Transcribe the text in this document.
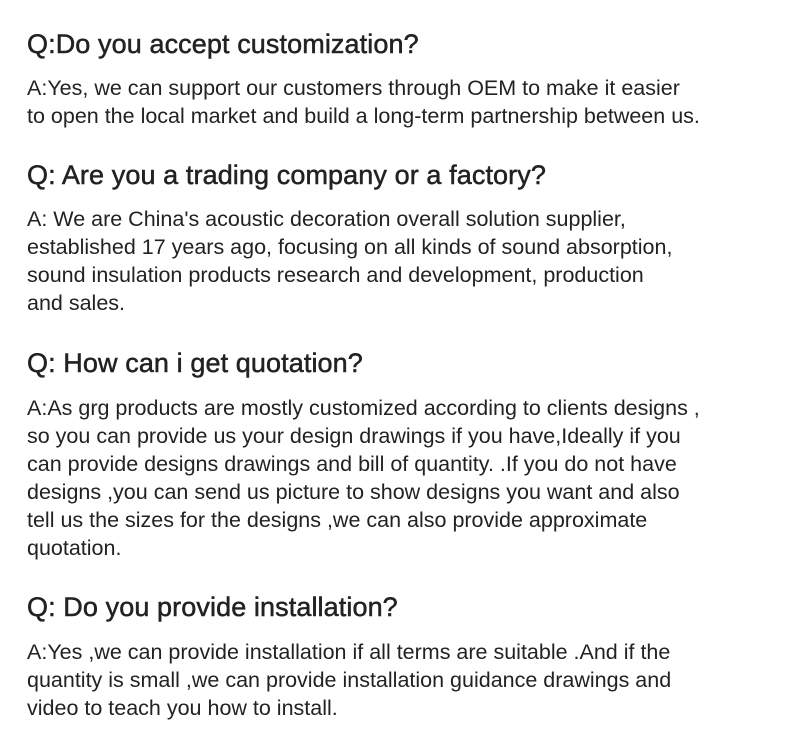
Q:Do you accept customization?

A:Yes, we can support our customers through OEM to make it easier
to open the local market and build a long-term partnership between us.

Q: Are you a trading company or a factory?

A: We are China's acoustic decoration overall solution supplier,
established 17 years ago, focusing on all kinds of sound absorption,
sound insulation products research and development, production
and sales.

Q: How can i get quotation?

A:As grg products are mostly customized according to clients designs ,
so you can provide us your design drawings if you have,Ideally if you
can provide designs drawings and bill of quantity. .If you do not have
designs ,you can send us picture to show designs you want and also
tell us the sizes for the designs ,we can also provide approximate
quotation.

Q: Do you provide installation?

A:Yes ,we can provide installation if all terms are suitable .And if the
quantity is small ,we can provide installation guidance drawings and
video to teach you how to install.
